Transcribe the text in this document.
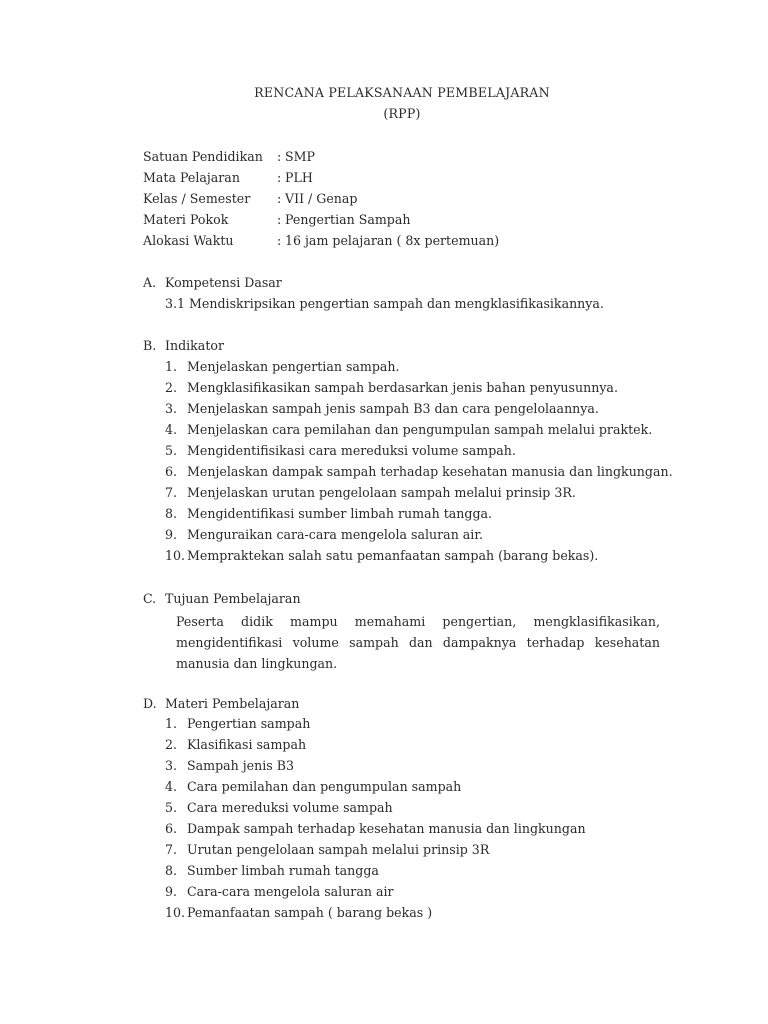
RENCANA PELAKSANAAN PEMBELAJARAN
(RPP)
Satuan Pendidikan : SMP
Mata Pelajaran	: PLH
Kelas / Semester : VII / Genap
Materi Pokok	: Pengertian Sampah
Alokasi Waktu	: 16 jam pelajaran ( 8x pertemuan)
A. Kompetensi Dasar
3.1 Mendiskripsikan pengertian sampah dan mengklasifikasikannya.
B. Indikator
1. Menjelaskan pengertian sampah.
2. Mengklasifikasikan sampah berdasarkan jenis bahan penyusunnya.
3. Menjelaskan sampah jenis sampah B3 dan cara pengelolaannya.
4. Menjelaskan cara pemilahan dan pengumpulan sampah melalui praktek.
5. Mengidentifisikasi cara mereduksi volume sampah.
6. Menjelaskan dampak sampah terhadap kesehatan manusia dan lingkungan.
7. Menjelaskan urutan pengelolaan sampah melalui prinsip 3R.
8. Mengidentifikasi sumber limbah rumah tangga.
9. Menguraikan cara-cara mengelola saluran air.
10. Mempraktekan salah satu pemanfaatan sampah (barang bekas).
C. Tujuan Pembelajaran

Peserta didik mampu memahami pengertian, mengklasifikasikan, mengidentifikasi volume sampah dan dampaknya terhadap kesehatan manusia dan lingkungan.

D. Materi Pembelajaran
1. Pengertian sampah
2. Klasifikasi sampah
3. Sampah jenis B3
4. Cara pemilahan dan pengumpulan sampah
5. Cara mereduksi volume sampah
6. Dampak sampah terhadap kesehatan manusia dan lingkungan
7. Urutan pengelolaan sampah melalui prinsip 3R
8. Sumber limbah rumah tangga
9. Cara-cara mengelola saluran air
10. Pemanfaatan sampah ( barang bekas )
